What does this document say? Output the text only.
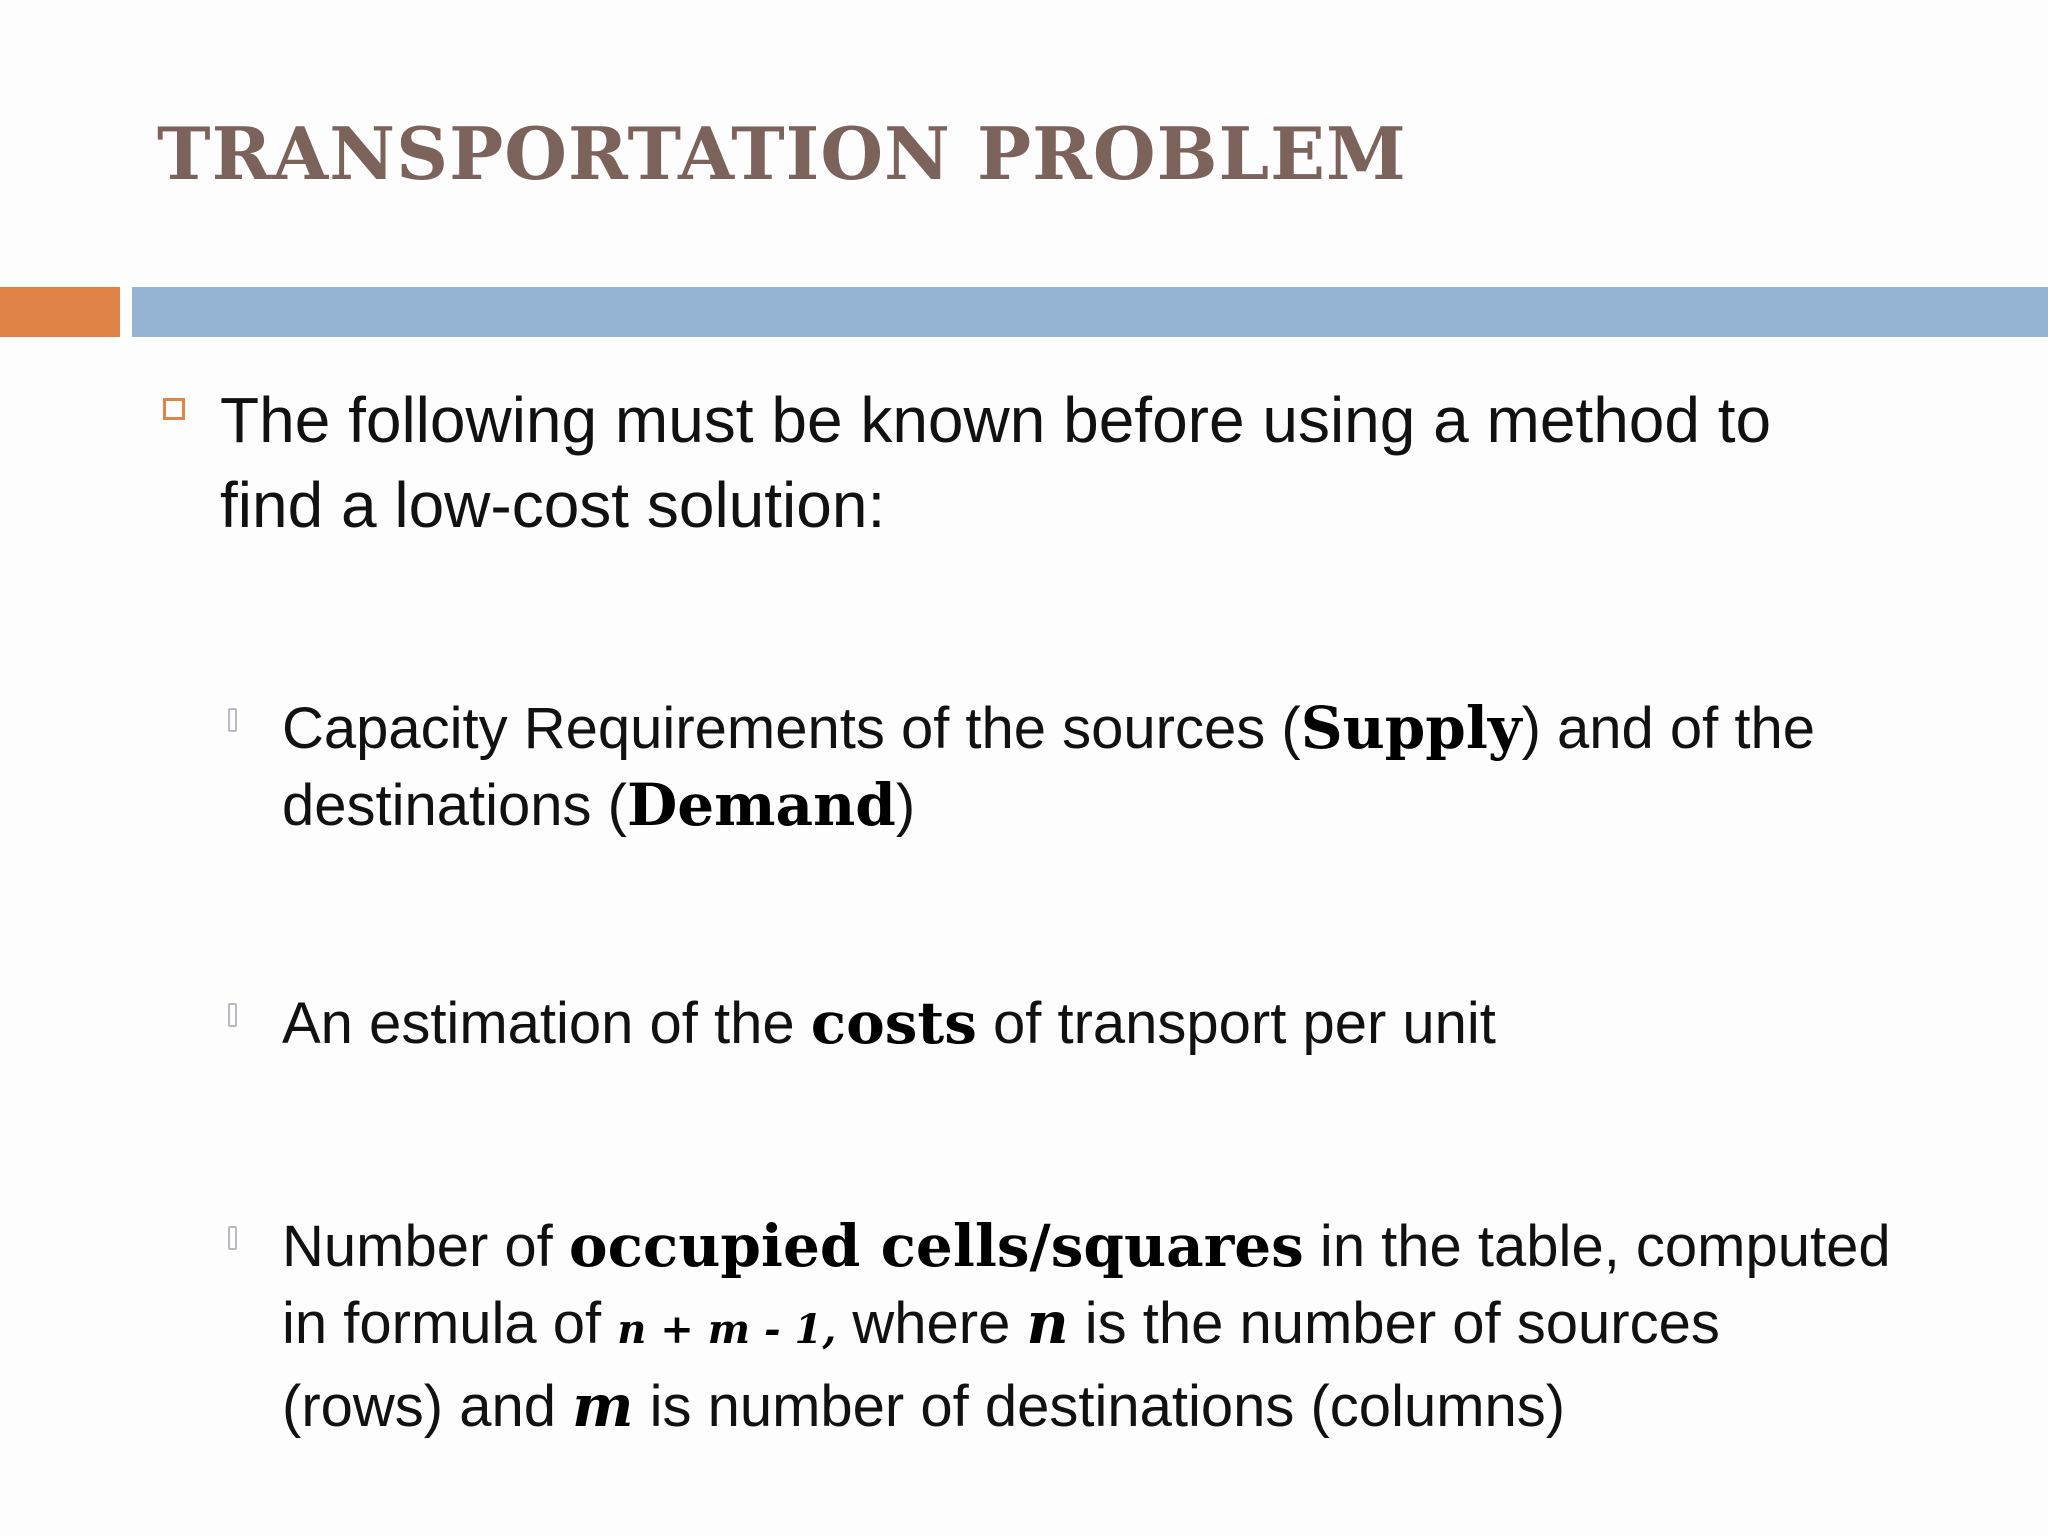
TRANSPORTATION PROBLEM
The following must be known before using a method to
find a low-cost solution:
Capacity Requirements of the sources (Supply) and of the
destinations (Demand)
An estimation of the costs of transport per unit
Number of occupied cells/squares in the table, computed
in formula of n + m - 1, where n is the number of sources
(rows) and m is number of destinations (columns)
